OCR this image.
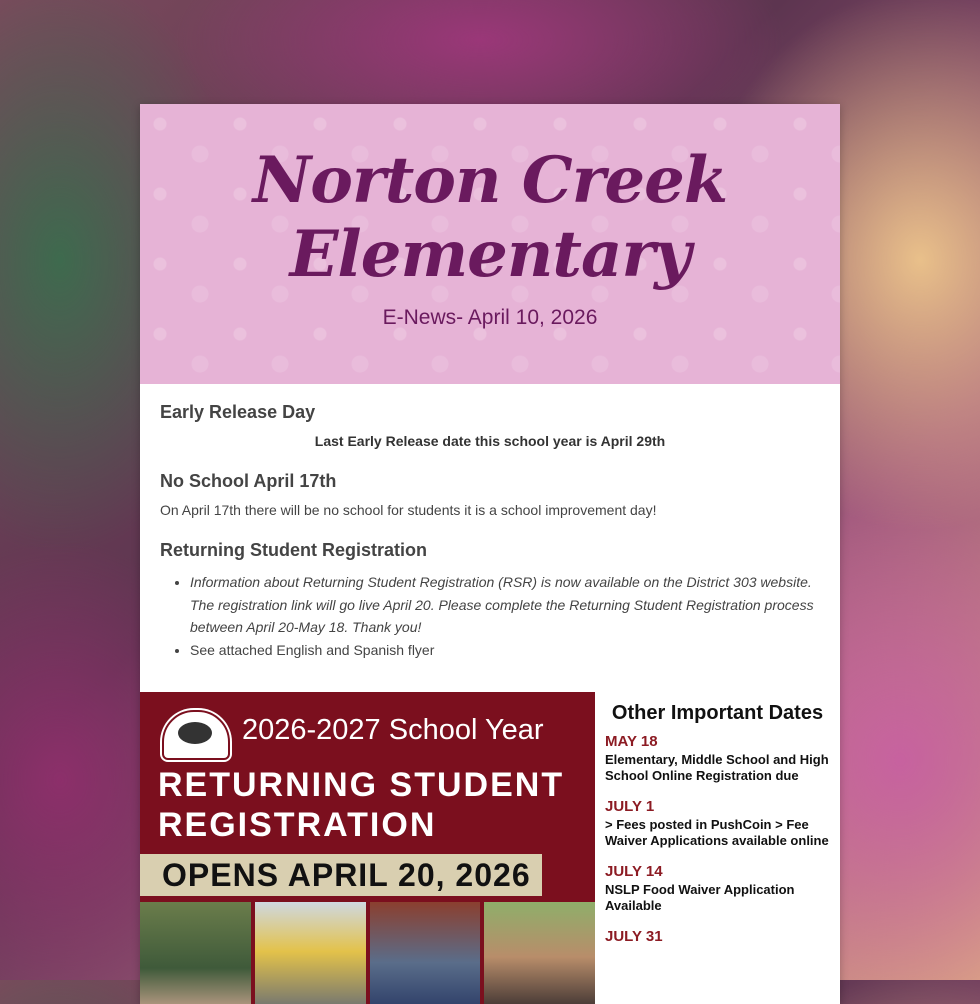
Norton Creek
Elementary
E-News- April 10, 2026
Early Release Day

Last Early Release date this school year is April 29th

No School April 17th

On April 17th there will be no school for students it is a school improvement day!

Returning Student Registration
• Information about Returning Student Registration (RSR) is now available on the District 303 website. The registration link will go live April 20. Please complete the Returning Student Registration process between April 20-May 18. Thank you!
• See attached English and Spanish flyer
2026-2027 School Year
RETURNING STUDENT
REGISTRATION
OPENS APRIL 20, 2026
Other Important Dates

MAY 18

Elementary, Middle School and High School Online Registration due

JULY 1

> Fees posted in PushCoin > Fee Waiver Applications available online

JULY 14

NSLP Food Waiver Application Available

JULY 31
